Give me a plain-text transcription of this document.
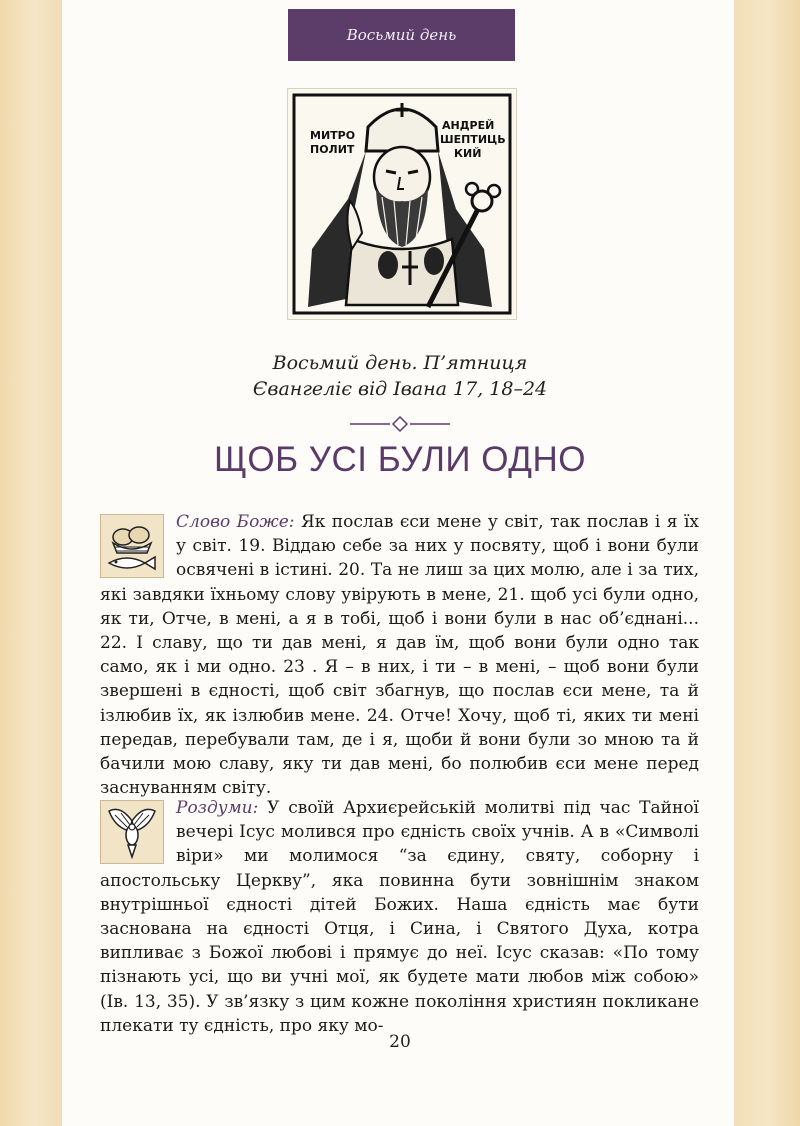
Восьмий день
МИТРО
ПОЛИТ
АНДРЕЙ
ШЕПТИЦЬ
КИЙ
Восьмий день. П’ятниця
Євангеліє від Івана 17, 18–24
ЩОБ УСІ БУЛИ ОДНО
Слово Боже: Як послав єси мене у світ, так послав і я їх у світ. 19. Віддаю себе за них у посвяту, щоб і вони були освячені в істині. 20. Та не лиш за цих молю, але і за тих, які завдяки їхньому слову увірують в мене, 21. щоб усі були одно, як ти, Отче, в мені, а я в тобі, щоб і вони були в нас об’єднані... 22. І славу, що ти дав мені, я дав їм, щоб вони були одно так само, як і ми одно. 23 . Я – в них, і ти – в мені, – щоб вони були звершені в єдності, щоб світ збагнув, що послав єси мене, та й ізлюбив їх, як ізлюбив мене. 24. Отче! Хочу, щоб ті, яких ти мені передав, перебували там, де і я, щоби й вони були зо мною та й бачили мою славу, яку ти дав мені, бо полюбив єси мене перед заснуванням світу.
Роздуми: У своїй Архиєрейській молитві під час Тайної вечері Ісус молився про єдність своїх учнів. А в «Символі віри» ми молимося “за єдину, святу, соборну і апостольську Церкву”, яка повинна бути зовнішнім знаком внутрішньої єдності дітей Божих. Наша єдність має бути заснована на єдності Отця, і Сина, і Святого Духа, котра випливає з Божої любові і прямує до неї. Ісус сказав: «По тому пізнають усі, що ви учні мої, як будете мати любов між собою» (Ів. 13, 35). У зв’язку з цим кожне покоління християн покликане плекати ту єдність, про яку мо-
20
